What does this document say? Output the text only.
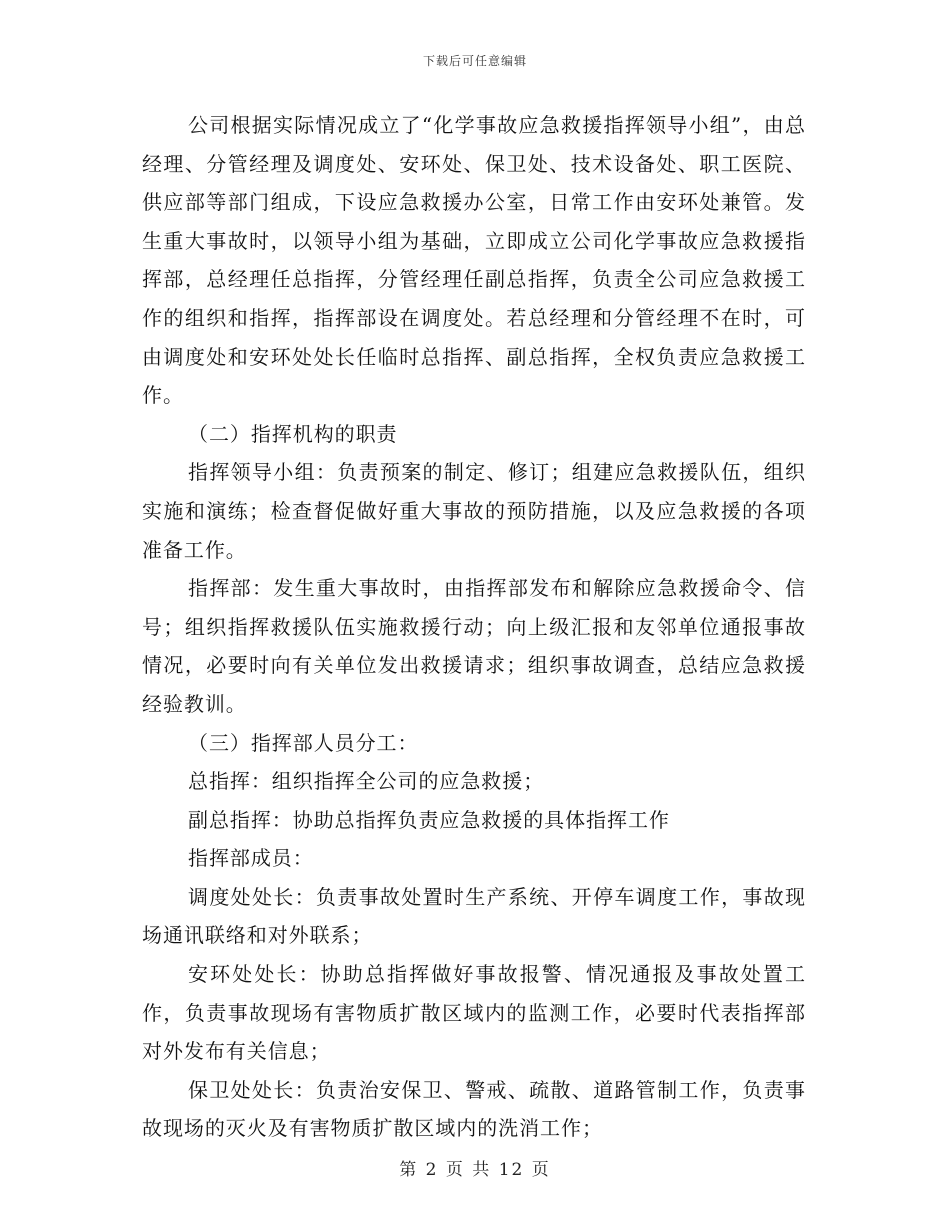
下载后可任意编辑

公司根据实际情况成立了“化学事故应急救援指挥领导小组”，由总经理、分管经理及调度处、安环处、保卫处、技术设备处、职工医院、供应部等部门组成，下设应急救援办公室，日常工作由安环处兼管。发生重大事故时，以领导小组为基础，立即成立公司化学事故应急救援指挥部，总经理任总指挥，分管经理任副总指挥，负责全公司应急救援工作的组织和指挥，指挥部设在调度处。若总经理和分管经理不在时，可由调度处和安环处处长任临时总指挥、副总指挥，全权负责应急救援工作。

（二）指挥机构的职责

指挥领导小组：负责预案的制定、修订；组建应急救援队伍，组织实施和演练；检查督促做好重大事故的预防措施，以及应急救援的各项准备工作。

指挥部：发生重大事故时，由指挥部发布和解除应急救援命令、信号；组织指挥救援队伍实施救援行动；向上级汇报和友邻单位通报事故情况，必要时向有关单位发出救援请求；组织事故调查，总结应急救援经验教训。

（三）指挥部人员分工：

总指挥：组织指挥全公司的应急救援；

副总指挥：协助总指挥负责应急救援的具体指挥工作

指挥部成员：

调度处处长：负责事故处置时生产系统、开停车调度工作，事故现场通讯联络和对外联系；

安环处处长：协助总指挥做好事故报警、情况通报及事故处置工作，负责事故现场有害物质扩散区域内的监测工作，必要时代表指挥部对外发布有关信息；

保卫处处长：负责治安保卫、警戒、疏散、道路管制工作，负责事故现场的灭火及有害物质扩散区域内的洗消工作；

第 2 页 共 12 页
